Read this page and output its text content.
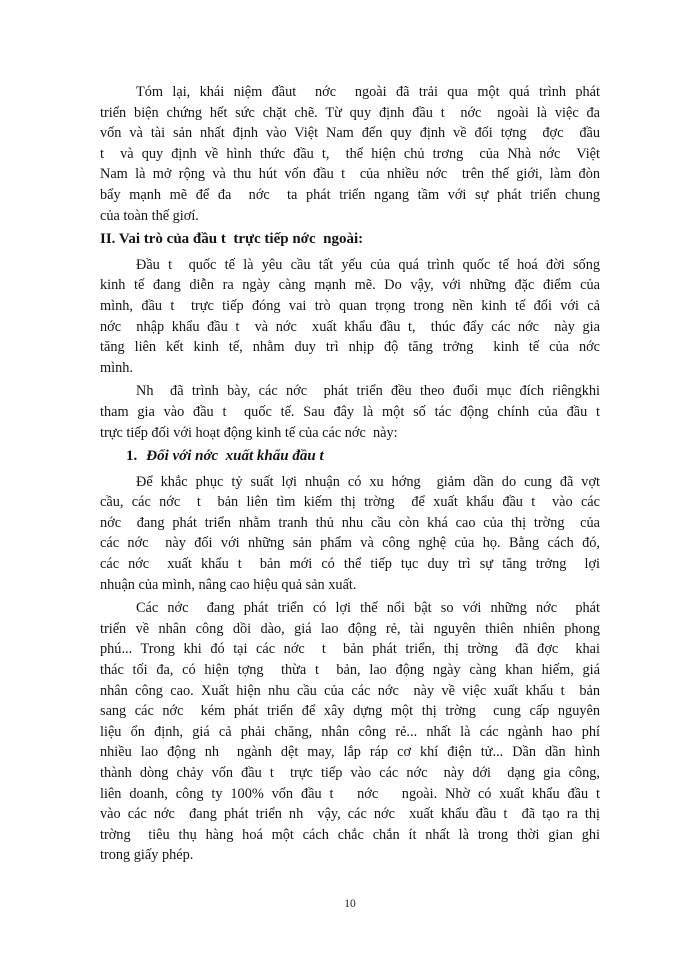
Tóm lại, khái niệm đầut  nớc  ngoài đã trải qua một quá trình phát
triển biện chứng hết sức chặt chẽ. Từ quy định đầu t  nớc  ngoài là việc đa
vốn và tài sản nhất định vào Việt Nam đến quy định về đối tợng  đợc  đầu
t  và quy định về hình thức đầu t,  thể hiện chủ trơng  của Nhà nớc  Việt
Nam là mở rộng và thu hút vốn đầu t  của nhiều nớc  trên thế giới, làm đòn
bẩy mạnh mẽ để đa  nớc  ta phát triển ngang tầm với sự phát triển chung
của toàn thế giơí.
II. Vai trò của đầu t  trực tiếp nớc  ngoài:
Đầu t  quốc tế là yêu cầu tất yếu của quá trình quốc tế hoá đời sống
kinh tế đang diễn ra ngày càng mạnh mẽ. Do vậy, với những đặc điểm của
mình, đầu t  trực tiếp đóng vai trò quan trọng trong nền kinh tế đối với cả
nớc  nhập khẩu đầu t  và nớc  xuất khẩu đầu t,  thúc đẩy các nớc  này gia
tăng liên kết kinh tế, nhằm duy trì nhịp độ tăng trởng  kinh tế của nớc
mình.
Nh  đã trình bày, các nớc  phát triển đều theo đuổi mục đích riêngkhi
tham gia vào đầu t  quốc tế. Sau đây là một số tác động chính của đầu t
trực tiếp đối với hoạt động kinh tế của các nớc  này:
1. Đối với nớc  xuất khẩu đầu t
Để khắc phục tỷ suất lợi nhuận có xu hớng  giảm dần do cung đã vợt
cầu, các nớc  t  bản liên tìm kiếm thị trờng  để xuất khẩu đầu t  vào các
nớc  đang phát triển nhằm tranh thủ nhu cầu còn khá cao của thị trờng  của
các nớc  này đối với những sản phẩm và công nghệ của họ. Bằng cách đó,
các nớc  xuất khẩu t  bản mới có thể tiếp tục duy trì sự tăng trởng  lợi
nhuận của mình, nâng cao hiệu quả sản xuất.
Các nớc  đang phát triển có lợi thế nổi bật so với những nớc  phát
triển về nhân công dồi dào, giá lao động rẻ, tài nguyên thiên nhiên phong
phú... Trong khi đó tại các nớc  t  bản phát triển, thị trờng  đã đợc  khai
thác tối đa, có hiện tợng  thừa t  bản, lao động ngày càng khan hiếm, giá
nhân công cao. Xuất hiện nhu cầu của các nớc  này về việc xuất khẩu t  bản
sang các nớc  kém phát triển để xây dựng một thị trờng  cung cấp nguyên
liệu ổn định, giá cả phải chăng, nhân công rẻ... nhất là các ngành hao phí
nhiều lao động nh  ngành dệt may, lắp ráp cơ khí điện tử... Dần dần hình
thành dòng chảy vốn đầu t  trực tiếp vào các nớc  này dới  dạng gia công,
liên doanh, công ty 100% vốn đầu t   nớc   ngoài. Nhờ có xuất khẩu đầu t
vào các nớc  đang phát triển nh  vậy, các nớc  xuất khẩu đầu t  đã tạo ra thị
trờng  tiêu thụ hàng hoá một cách chắc chắn ít nhất là trong thời gian ghi
trong giấy phép.
10
